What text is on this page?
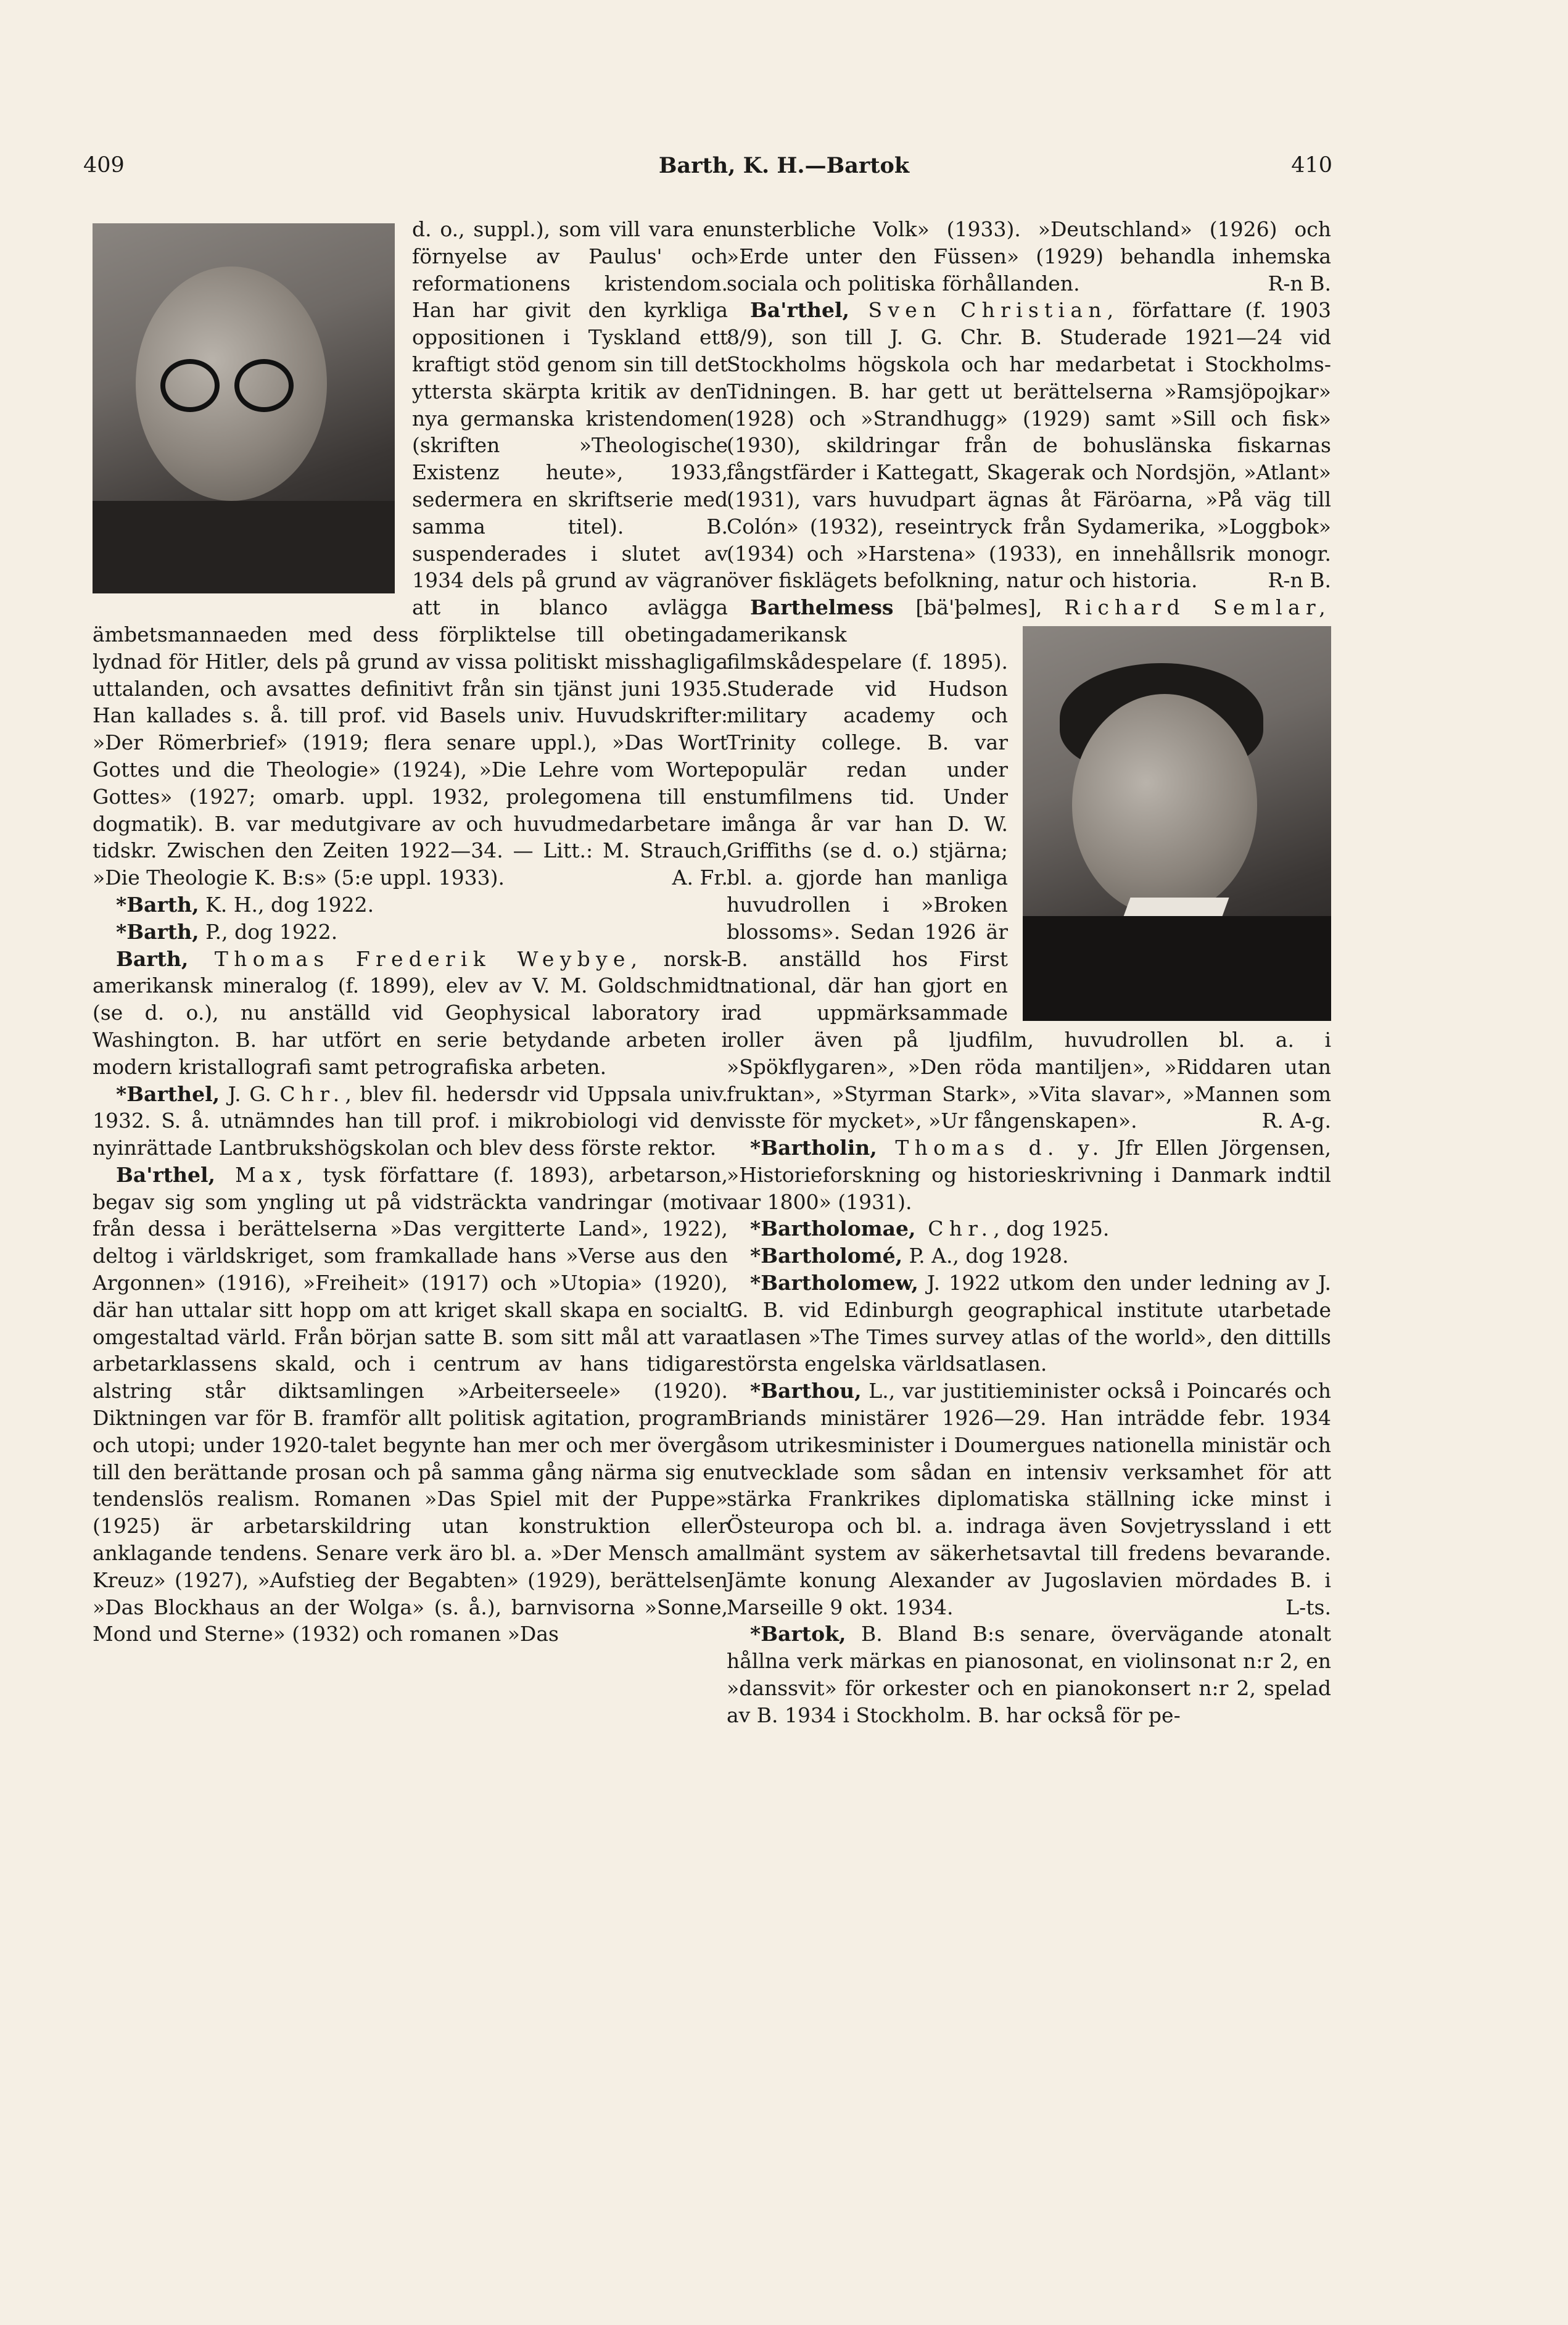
409	Barth, K. H.—Bartok	410

d. o., suppl.), som vill vara en förnyelse av Paulus' och reformationens kristendom. Han har givit den kyrkliga oppositionen i Tyskland ett kraftigt stöd genom sin till det yttersta skärpta kritik av den nya germanska kristendomen (skriften »Theologische Existenz heute», 1933, sedermera en skriftserie med samma titel). B. suspenderades i slutet av 1934 dels på grund av vägran att in blanco avlägga ämbetsmannaeden med dess förpliktelse till obetingad lydnad för Hitler, dels på grund av vissa politiskt misshagliga uttalanden, och avsattes definitivt från sin tjänst juni 1935. Han kallades s. å. till prof. vid Basels univ. Huvudskrifter: »Der Römerbrief» (1919; flera senare uppl.), »Das Wort Gottes und die Theologie» (1924), »Die Lehre vom Worte Gottes» (1927; omarb. uppl. 1932, prolegomena till en dogmatik). B. var medutgivare av och huvudmedarbetare i tidskr. Zwischen den Zeiten 1922—34. — Litt.: M. Strauch, »Die Theologie K. B:s» (5:e uppl. 1933).	A. Fr.

*Barth, K. H., dog 1922.

*Barth, P., dog 1922.

Barth, Thomas Frederik Weybye, norsk-amerikansk mineralog (f. 1899), elev av V. M. Goldschmidt (se d. o.), nu anställd vid Geophysical laboratory i Washington. B. har utfört en serie betydande arbeten i modern kristallografi samt petrografiska arbeten.

*Barthel, J. G. Chr., blev fil. hedersdr vid Uppsala univ. 1932. S. å. utnämndes han till prof. i mikrobiologi vid den nyinrättade Lantbrukshögskolan och blev dess förste rektor.

Ba'rthel, Max, tysk författare (f. 1893), arbetarson, begav sig som yngling ut på vidsträckta vandringar (motiv från dessa i berättelserna »Das vergitterte Land», 1922), deltog i världskriget, som framkallade hans »Verse aus den Argonnen» (1916), »Freiheit» (1917) och »Utopia» (1920), där han uttalar sitt hopp om att kriget skall skapa en socialt omgestaltad värld. Från början satte B. som sitt mål att vara arbetarklassens skald, och i centrum av hans tidigare alstring står diktsamlingen »Arbeiterseele» (1920). Diktningen var för B. framför allt politisk agitation, program och utopi; under 1920-talet begynte han mer och mer övergå till den berättande prosan och på samma gång närma sig en tendenslös realism. Romanen »Das Spiel mit der Puppe» (1925) är arbetarskildring utan konstruktion eller anklagande tendens. Senare verk äro bl. a. »Der Mensch am Kreuz» (1927), »Aufstieg der Begabten» (1929), berättelsen »Das Blockhaus an der Wolga» (s. å.), barnvisorna »Sonne, Mond und Sterne» (1932) och romanen »Das

unsterbliche Volk» (1933). »Deutschland» (1926) och »Erde unter den Füssen» (1929) behandla inhemska sociala och politiska förhållanden.	R-n B.

Ba'rthel, Sven Christian, författare (f. 1903 8/9), son till J. G. Chr. B. Studerade 1921—24 vid Stockholms högskola och har medarbetat i Stockholms-Tidningen. B. har gett ut berättelserna »Ramsjöpojkar» (1928) och »Strandhugg» (1929) samt »Sill och fisk» (1930), skildringar från de bohuslänska fiskarnas fångstfärder i Kattegatt, Skagerak och Nordsjön, »Atlant» (1931), vars huvudpart ägnas åt Färöarna, »På väg till Colón» (1932), reseintryck från Sydamerika, »Loggbok» (1934) och »Harstena» (1933), en innehållsrik monogr. över fisklägets befolkning, natur och historia.	R-n B.

Barthelmess [bä'þəlmes], Richard Semlar,
amerikansk filmskådespelare (f. 1895). Studerade vid Hudson military academy och Trinity college. B. var populär redan under stumfilmens tid. Under många år var han D. W. Griffiths (se d. o.) stjärna; bl. a. gjorde han manliga huvudrollen i »Broken blossoms». Sedan 1926 är B. anställd hos First national, där han gjort en rad uppmärksammade roller även på ljudfilm, huvudrollen bl. a. i »Spökflygaren», »Den röda mantiljen», »Riddaren utan fruktan», »Styrman Stark», »Vita slavar», »Mannen som visste för mycket», »Ur fångenskapen».	R. A-g.

*Bartholin, Thomas d. y. Jfr Ellen Jörgensen, »Historieforskning og historieskrivning i Danmark indtil aar 1800» (1931).

*Bartholomae, Chr., dog 1925.

*Bartholomé, P. A., dog 1928.

*Bartholomew, J. 1922 utkom den under ledning av J. G. B. vid Edinburgh geographical institute utarbetade atlasen »The Times survey atlas of the world», den dittills största engelska världsatlasen.

*Barthou, L., var justitieminister också i Poincarés och Briands ministärer 1926—29. Han inträdde febr. 1934 som utrikesminister i Doumergues nationella ministär och utvecklade som sådan en intensiv verksamhet för att stärka Frankrikes diplomatiska ställning icke minst i Östeuropa och bl. a. indraga även Sovjetryssland i ett allmänt system av säkerhetsavtal till fredens bevarande. Jämte konung Alexander av Jugoslavien mördades B. i Marseille 9 okt. 1934.	L-ts.

*Bartok, B. Bland B:s senare, övervägande atonalt hållna verk märkas en pianosonat, en violinsonat n:r 2, en »danssvit» för orkester och en pianokonsert n:r 2, spelad av B. 1934 i Stockholm. B. har också för pe-
